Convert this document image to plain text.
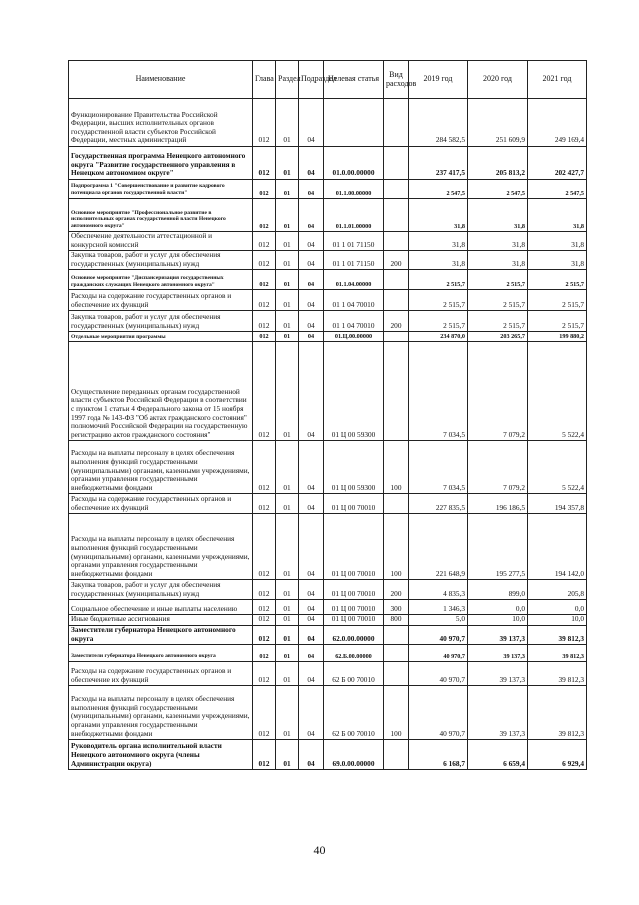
Наименование	Глава	Раздел	Подраздел	Целевая статья	Вид расходов	2019 год	2020 год	2021 год
Функционирование Правительства Российской Федерации, высших исполнительных органов государственной власти субъектов Российской Федерации, местных администраций	012	01	04			284 582,5	251 609,9	249 169,4
Государственная программа Ненецкого автономного округа "Развитие государственного управления в Ненецком автономном округе"	012	01	04	01.0.00.00000		237 417,5	205 813,2	202 427,7
Подпрограмма 1 "Совершенствование и развитие кадрового потенциала органов государственной власти"	012	01	04	01.1.00.00000		2 547,5	2 547,5	2 547,5
Основное мероприятие "Профессиональное развитие в исполнительных органах государственной власти Ненецкого автономного округа"	012	01	04	01.1.01.00000		31,8	31,8	31,8
Обеспечение деятельности аттестационной и конкурсной комиссий	012	01	04	01 1 01 71150		31,8	31,8	31,8
Закупка товаров, работ и услуг для обеспечения государственных (муниципальных) нужд	012	01	04	01 1 01 71150	200	31,8	31,8	31,8
Основное мероприятие "Диспансеризация государственных гражданских служащих Ненецкого автономного округа"	012	01	04	01.1.04.00000		2 515,7	2 515,7	2 515,7
Расходы на содержание государственных органов и обеспечение их функций	012	01	04	01 1 04 70010		2 515,7	2 515,7	2 515,7
Закупка товаров, работ и услуг для обеспечения государственных (муниципальных) нужд	012	01	04	01 1 04 70010	200	2 515,7	2 515,7	2 515,7
Отдельные мероприятия программы	012	01	04	01.Ц.00.00000		234 870,0	203 265,7	199 880,2
Осуществление переданных органам государственной власти субъектов Российской Федерации в соответствии с пунктом 1 статьи 4 Федерального закона от 15 ноября 1997 года № 143-ФЗ "Об актах гражданского состояния" полномочий Российской Федерации на государственную регистрацию актов гражданского состояния"	012	01	04	01 Ц 00 59300		7 034,5	7 079,2	5 522,4
Расходы на выплаты персоналу в целях обеспечения выполнения функций государственными (муниципальными) органами, казенными учреждениями, органами управления государственными внебюджетными фондами	012	01	04	01 Ц 00 59300	100	7 034,5	7 079,2	5 522,4
Расходы на содержание государственных органов и обеспечение их функций	012	01	04	01 Ц 00 70010		227 835,5	196 186,5	194 357,8
Расходы на выплаты персоналу в целях обеспечения выполнения функций государственными (муниципальными) органами, казенными учреждениями, органами управления государственными внебюджетными фондами	012	01	04	01 Ц 00 70010	100	221 648,9	195 277,5	194 142,0
Закупка товаров, работ и услуг для обеспечения государственных (муниципальных) нужд	012	01	04	01 Ц 00 70010	200	4 835,3	899,0	205,8
Социальное обеспечение и иные выплаты населению	012	01	04	01 Ц 00 70010	300	1 346,3	0,0	0,0
Иные бюджетные ассигнования	012	01	04	01 Ц 00 70010	800	5,0	10,0	10,0
Заместители губернатора Ненецкого автономного округа	012	01	04	62.0.00.00000		40 970,7	39 137,3	39 812,3
Заместители губернатора Ненецкого автономного округа	012	01	04	62.Б.00.00000		40 970,7	39 137,3	39 812,3
Расходы на содержание государственных органов и обеспечение их функций	012	01	04	62 Б 00 70010		40 970,7	39 137,3	39 812,3
Расходы на выплаты персоналу в целях обеспечения выполнения функций государственными (муниципальными) органами, казенными учреждениями, органами управления государственными внебюджетными фондами	012	01	04	62 Б 00 70010	100	40 970,7	39 137,3	39 812,3
Руководитель органа исполнительной власти Ненецкого автономного округа (члены Администрации округа)	012	01	04	69.0.00.00000		6 168,7	6 659,4	6 929,4
40
